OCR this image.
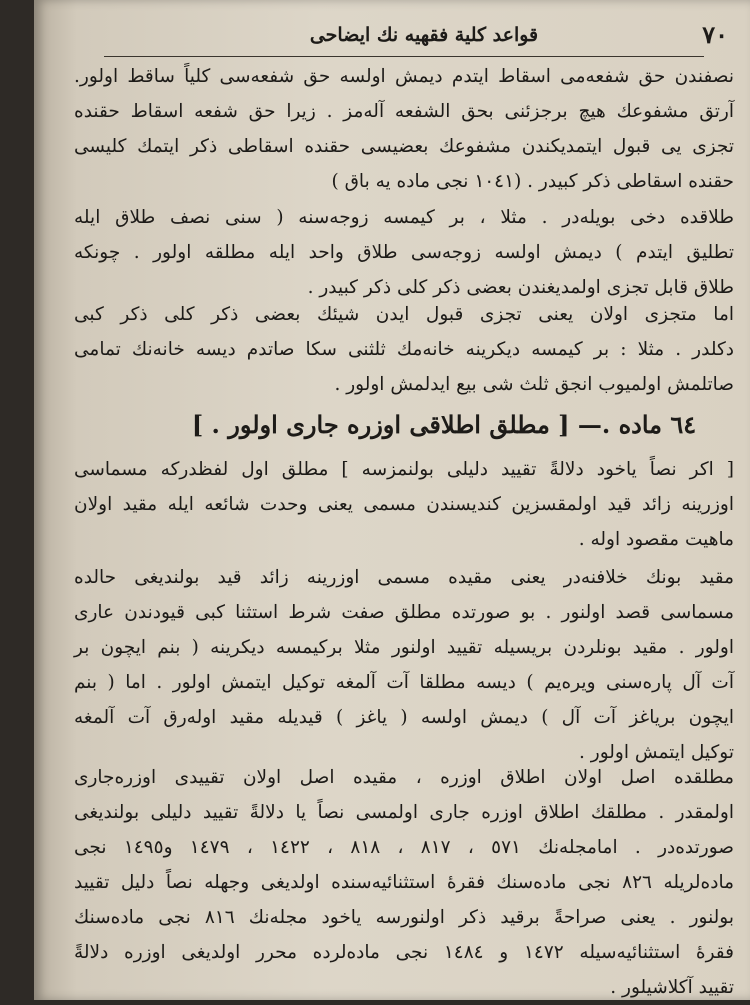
٧٠
قواعد كلية فقهيه نك ايضاحى
نصفندن حق شفعه‌مى اسقاط ايتدم ديمش اولسه حق شفعه‌سى كلياً ساقط اولور.
آرتق مشفوعك هيچ برجزئنى بحق الشفعه آله‌مز . زيرا حق شفعه اسقاط حقنده
تجزى يى قبول ايتمديكندن مشفوعك بعضيسى حقنده اسقاطى ذكر ايتمك كليسى
حقنده اسقاطى ذكر كبيدر . (١٠٤١ نجى ماده يه باق )
طلاقده دخى بويله‌در . مثلا ، بر كيمسه زوجه‌سنه ( سنى نصف طلاق ايله
تطليق ايتدم ) ديمش اولسه زوجه‌سى طلاق واحد ايله مطلقه اولور . چونكه
طلاق قابل تجزى اولمديغندن بعضى ذكر كلى ذكر كبيدر .
اما متجزى اولان يعنى تجزى قبول ايدن شيئك بعضى ذكر كلى ذكر كبى
دكلدر . مثلا : بر كيمسه ديكرينه خانه‌مك ثلثنى سكا صاتدم ديسه خانه‌نك تمامى
صاتلمش اولميوب انجق ثلث شى بيع ايدلمش اولور .
٦٤ ماده .— [ مطلق اطلاقى اوزره جارى اولور . ]
[ اكر نصاً ياخود دلالةً تقييد دليلى بولنمزسه ] مطلق اول لفظدركه مسماسى
اوزرينه زائد قيد اولمقسزين كنديسندن مسمى يعنى وحدت شائعه ايله مقيد اولان
ماهيت مقصود اوله .
مقيد بونك خلافنه‌در يعنى مقيده مسمى اوزرينه زائد قيد بولنديغى حالده
مسماسى قصد اولنور . بو صورتده مطلق صفت شرط استثنا كبى قيودندن عارى
اولور . مقيد بونلردن بريسيله تقييد اولنور مثلا بركيمسه ديكرينه ( بنم ايچون بر
آت آل پاره‌سنى ويره‌يم ) ديسه مطلقا آت آلمغه توكيل ايتمش اولور . اما ( بنم
ايچون برياغز آت آل ) ديمش اولسه ( ياغز ) قيديله مقيد اوله‌رق آت آلمغه
توكيل ايتمش اولور .
مطلقده اصل اولان اطلاق اوزره ، مقيده اصل اولان تقييدى اوزره‌جارى
اولمقدر . مطلقك اطلاق اوزره جارى اولمسى نصاً يا دلالةً تقييد دليلى بولنديغى
صورتده‌در . امامجله‌نك ٥٧١ ، ٨١٧ ، ٨١٨ ، ١٤٢٢ ، ١٤٧٩ و١٤٩٥ نجى
ماده‌لريله ٨٢٦ نجى ماده‌سنك فقرۀ استثنائيه‌سنده اولديغى وجهله نصاً دليل تقييد
بولنور . يعنى صراحةً برقيد ذكر اولنورسه ياخود مجله‌نك ٨١٦ نجى ماده‌سنك
فقرۀ استثنائيه‌سيله ١٤٧٢ و ١٤٨٤ نجى ماده‌لرده محرر اولديغى اوزره دلالةً
تقييد آكلاشيلور .
